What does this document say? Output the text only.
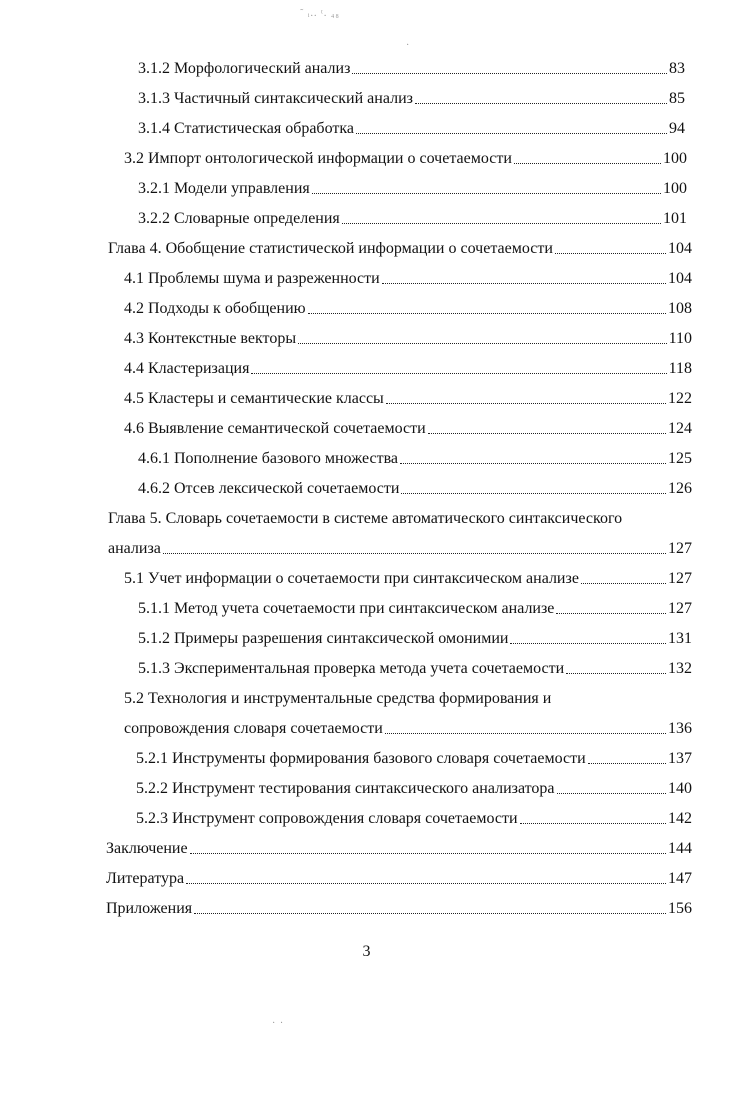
˜ ᵢ.. ᵗ. ₄₈
·
· ·
3.1.2 Морфологический анализ	83
3.1.3 Частичный синтаксический анализ	85
3.1.4 Статистическая обработка	94
3.2 Импорт онтологической информации о сочетаемости	100
3.2.1 Модели управления	100
3.2.2 Словарные определения	101
Глава 4. Обобщение статистической информации о сочетаемости	104
4.1 Проблемы шума и разреженности	104
4.2 Подходы к обобщению	108
4.3 Контекстные векторы	110
4.4 Кластеризация	118
4.5 Кластеры и семантические классы	122
4.6 Выявление семантической сочетаемости	124
4.6.1 Пополнение базового множества	125
4.6.2 Отсев лексической сочетаемости	126
Глава 5. Словарь сочетаемости в системе автоматического синтаксического
анализа	127
5.1 Учет информации о сочетаемости при синтаксическом анализе	127
5.1.1 Метод учета сочетаемости при синтаксическом анализе	127
5.1.2 Примеры разрешения синтаксической омонимии	131
5.1.3 Экспериментальная проверка метода учета сочетаемости	132
5.2 Технология и инструментальные средства формирования и
сопровождения словаря сочетаемости	136
5.2.1 Инструменты формирования базового словаря сочетаемости	137
5.2.2 Инструмент тестирования синтаксического анализатора	140
5.2.3 Инструмент сопровождения словаря сочетаемости	142
Заключение	144
Литература	147
Приложения	156
3
